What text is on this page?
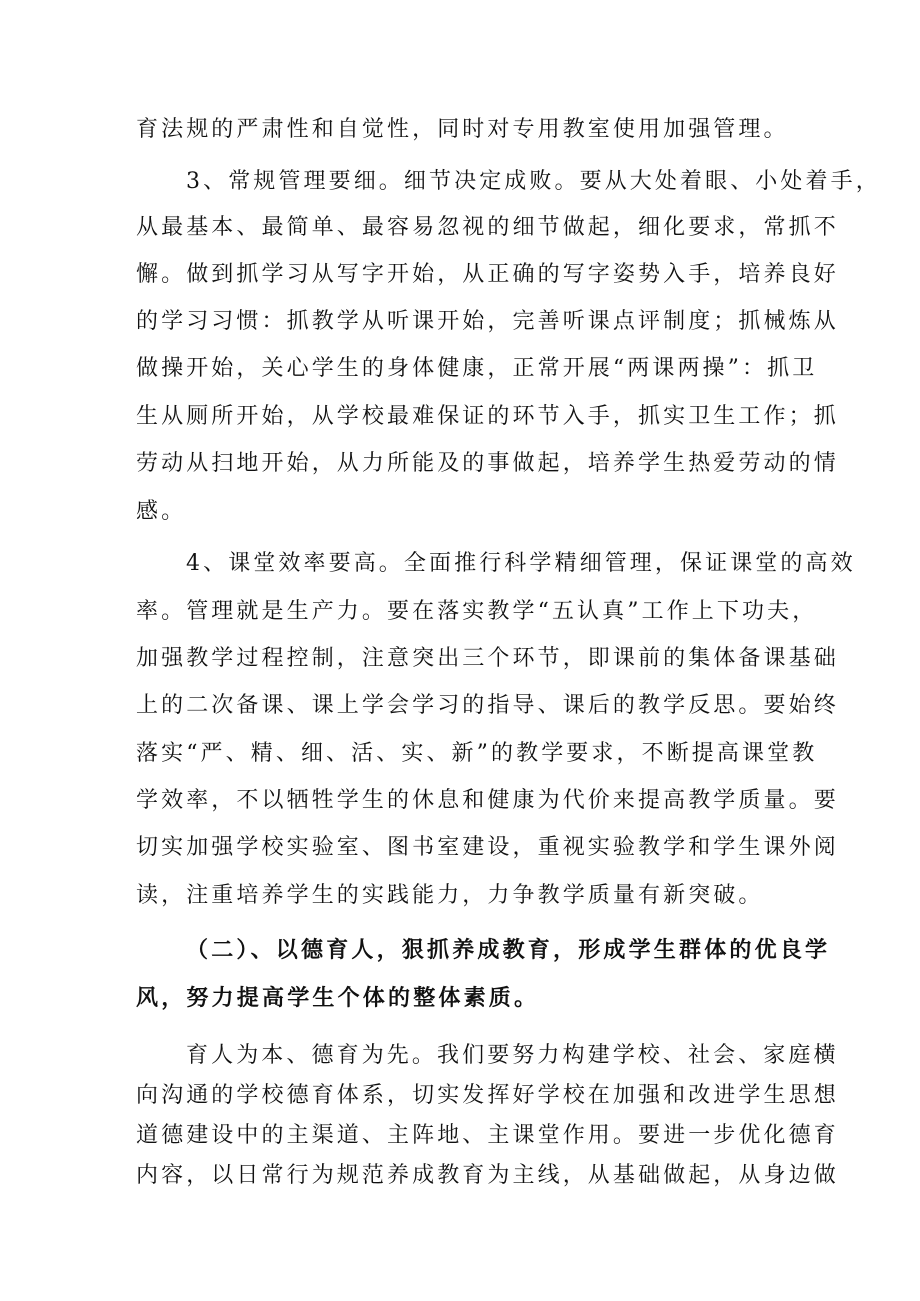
育法规的严肃性和自觉性，同时对专用教室使用加强管理。
3、常规管理要细。细节决定成败。要从大处着眼、小处着手，
从最基本、最简单、最容易忽视的细节做起，细化要求，常抓不
懈。做到抓学习从写字开始，从正确的写字姿势入手，培养良好
的学习习惯：抓教学从听课开始，完善听课点评制度；抓械炼从
做操开始，关心学生的身体健康，正常开展“两课两操”：抓卫
生从厕所开始，从学校最难保证的环节入手，抓实卫生工作；抓
劳动从扫地开始，从力所能及的事做起，培养学生热爱劳动的情
感。
4、课堂效率要高。全面推行科学精细管理，保证课堂的高效
率。管理就是生产力。要在落实教学“五认真”工作上下功夫，
加强教学过程控制，注意突出三个环节，即课前的集体备课基础
上的二次备课、课上学会学习的指导、课后的教学反思。要始终
落实“严、精、细、活、实、新”的教学要求，不断提高课堂教
学效率，不以牺牲学生的休息和健康为代价来提高教学质量。要
切实加强学校实验室、图书室建设，重视实验教学和学生课外阅
读，注重培养学生的实践能力，力争教学质量有新突破。
（二）、以德育人，狠抓养成教育，形成学生群体的优良学
风，努力提高学生个体的整体素质。
育人为本、德育为先。我们要努力构建学校、社会、家庭横
向沟通的学校德育体系，切实发挥好学校在加强和改进学生思想
道德建设中的主渠道、主阵地、主课堂作用。要进一步优化德育
内容，以日常行为规范养成教育为主线，从基础做起，从身边做
